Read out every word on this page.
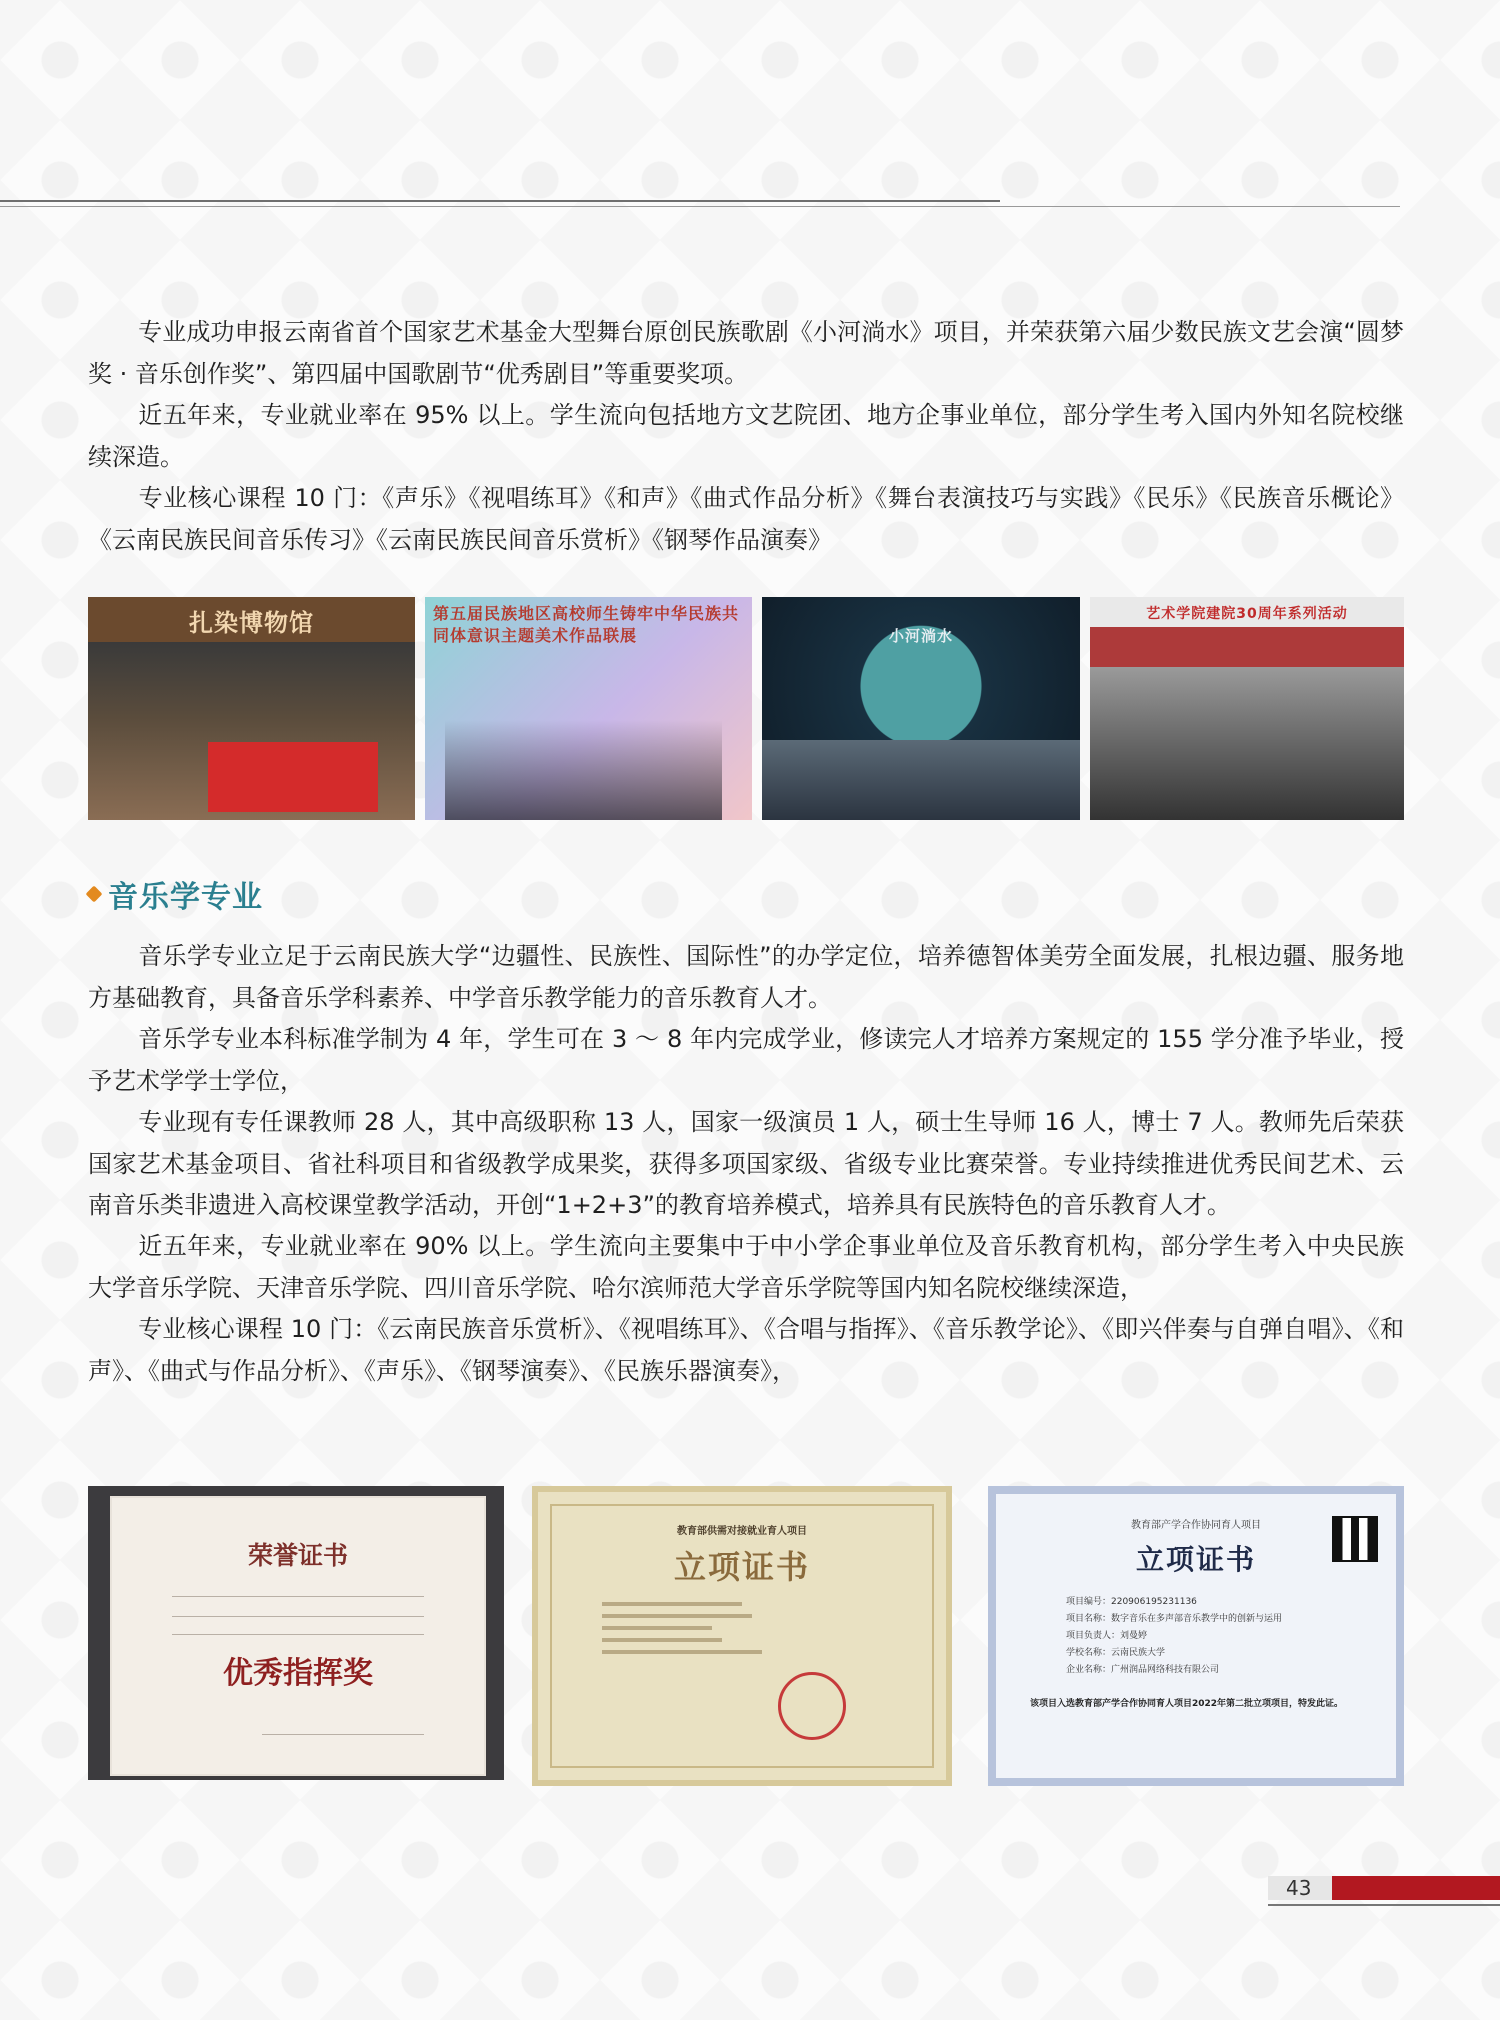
专业成功申报云南省首个国家艺术基金大型舞台原创民族歌剧《小河淌水》项目，并荣获第六届少数民族文艺会演“圆梦奖 · 音乐创作奖”、第四届中国歌剧节“优秀剧目”等重要奖项。

近五年来，专业就业率在 95% 以上。学生流向包括地方文艺院团、地方企事业单位，部分学生考入国内外知名院校继续深造。

专业核心课程 10 门：《声乐》《视唱练耳》《和声》《曲式作品分析》《舞台表演技巧与实践》《民乐》《民族音乐概论》《云南民族民间音乐传习》《云南民族民间音乐赏析》《钢琴作品演奏》

扎染博物馆	第五届民族地区高校师生铸牢中华民族共同体意识主题美术作品联展	小河淌水
艺术学院建院30周年系列活动
音乐学专业

音乐学专业立足于云南民族大学“边疆性、民族性、国际性”的办学定位，培养德智体美劳全面发展，扎根边疆、服务地方基础教育，具备音乐学科素养、中学音乐教学能力的音乐教育人才。

音乐学专业本科标准学制为 4 年，学生可在 3 ～ 8 年内完成学业，修读完人才培养方案规定的 155 学分准予毕业，授予艺术学学士学位，

专业现有专任课教师 28 人，其中高级职称 13 人，国家一级演员 1 人，硕士生导师 16 人，博士 7 人。教师先后荣获国家艺术基金项目、省社科项目和省级教学成果奖，获得多项国家级、省级专业比赛荣誉。专业持续推进优秀民间艺术、云南音乐类非遗进入高校课堂教学活动，开创“1+2+3”的教育培养模式，培养具有民族特色的音乐教育人才。

近五年来，专业就业率在 90% 以上。学生流向主要集中于中小学企事业单位及音乐教育机构，部分学生考入中央民族大学音乐学院、天津音乐学院、四川音乐学院、哈尔滨师范大学音乐学院等国内知名院校继续深造，

专业核心课程 10 门：《云南民族音乐赏析》、《视唱练耳》、《合唱与指挥》、《音乐教学论》、《即兴伴奏与自弹自唱》、《和声》、《曲式与作品分析》、《声乐》、《钢琴演奏》、《民族乐器演奏》，

荣誉证书
优秀指挥奖
教育部供需对接就业育人项目
立项证书
教育部产学合作协同育人项目
立项证书
项目编号：220906195231136
项目名称：数字音乐在多声部音乐教学中的创新与运用
项目负责人：刘曼婷
学校名称：云南民族大学
企业名称：广州润品网络科技有限公司
该项目入选教育部产学合作协同育人项目2022年第二批立项项目，特发此证。
43
